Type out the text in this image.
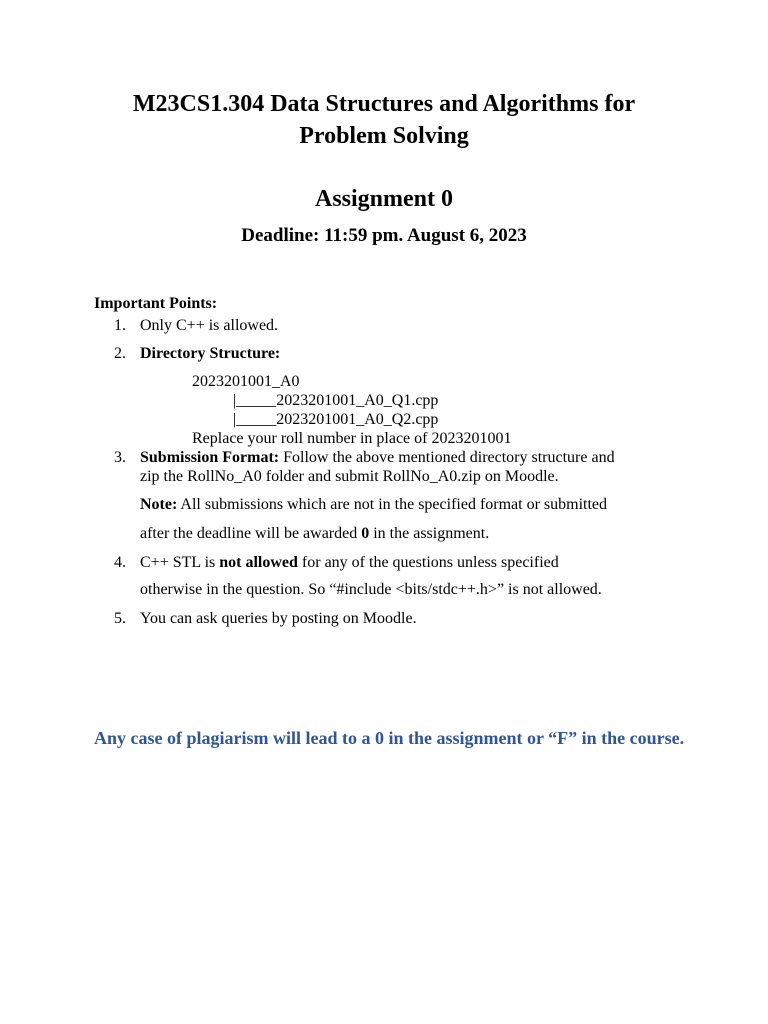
M23CS1.304 Data Structures and Algorithms for
Problem Solving
Assignment 0
Deadline: 11:59 pm. August 6, 2023
Important Points:
1. Only C++ is allowed.
2. Directory Structure:
2023201001_A0
|_____2023201001_A0_Q1.cpp
|_____2023201001_A0_Q2.cpp
Replace your roll number in place of 2023201001
3. Submission Format: Follow the above mentioned directory structure and
zip the RollNo_A0 folder and submit RollNo_A0.zip on Moodle.
Note: All submissions which are not in the specified format or submitted
after the deadline will be awarded 0 in the assignment.
4. C++ STL is not allowed for any of the questions unless specified
otherwise in the question. So “#include <bits/stdc++.h>” is not allowed.
5. You can ask queries by posting on Moodle.
Any case of plagiarism will lead to a 0 in the assignment or “F” in the course.
